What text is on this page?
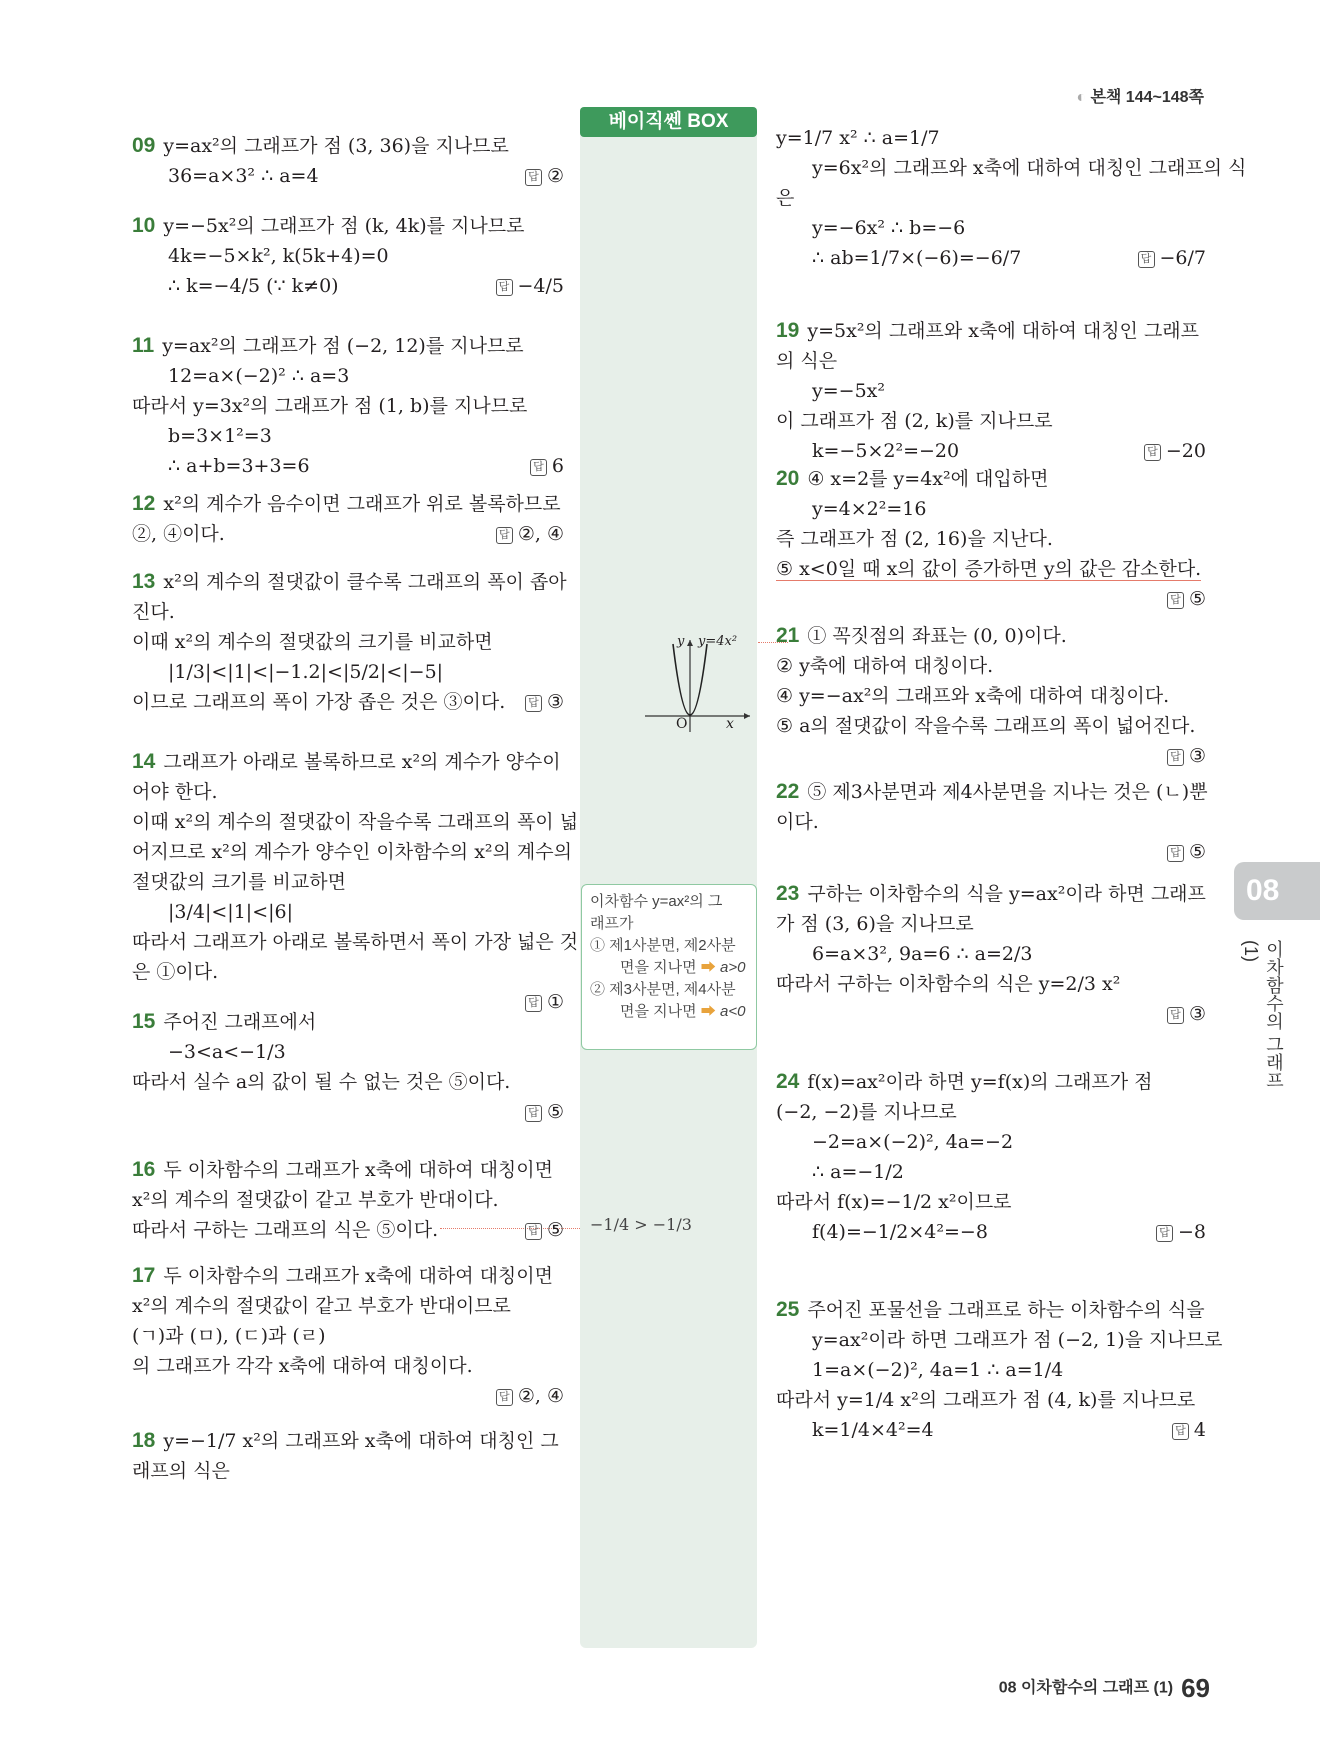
◐ 본책 144~148쪽
베이직쎈 BOX
y y=4x²
O	x
이차함수 y=ax²의 그
래프가
① 제1사분면, 제2사분
면을 지나면 ➡ a>0
② 제3사분면, 제4사분
면을 지나면 ➡ a<0
−1/4 > −1/3
08
이차함수의 그래프 (1)
08 이차함수의 그래프 (1) 69
09 y=ax²의 그래프가 점 (3, 36)을 지나므로
36=a×3² ∴ a=4	답 ②
10 y=−5x²의 그래프가 점 (k, 4k)를 지나므로
4k=−5×k², k(5k+4)=0
∴ k=−4/5 (∵ k≠0)	답 −4/5
11 y=ax²의 그래프가 점 (−2, 12)를 지나므로
12=a×(−2)² ∴ a=3
따라서 y=3x²의 그래프가 점 (1, b)를 지나므로
b=3×1²=3
∴ a+b=3+3=6	답 6
12 x²의 계수가 음수이면 그래프가 위로 볼록하므로
②, ④이다.	답 ②, ④
13 x²의 계수의 절댓값이 클수록 그래프의 폭이 좁아
진다.
이때 x²의 계수의 절댓값의 크기를 비교하면
|1/3|<|1|<|−1.2|<|5/2|<|−5|
이므로 그래프의 폭이 가장 좁은 것은 ③이다. 답 ③
14 그래프가 아래로 볼록하므로 x²의 계수가 양수이
어야 한다.
이때 x²의 계수의 절댓값이 작을수록 그래프의 폭이 넓
어지므로 x²의 계수가 양수인 이차함수의 x²의 계수의
절댓값의 크기를 비교하면
|3/4|<|1|<|6|
따라서 그래프가 아래로 볼록하면서 폭이 가장 넓은 것
은 ①이다.
답 ①
15 주어진 그래프에서
−3<a<−1/3
따라서 실수 a의 값이 될 수 없는 것은 ⑤이다.
답 ⑤
16 두 이차함수의 그래프가 x축에 대하여 대칭이면
x²의 계수의 절댓값이 같고 부호가 반대이다.
따라서 구하는 그래프의 식은 ⑤이다.	답 ⑤
17 두 이차함수의 그래프가 x축에 대하여 대칭이면
x²의 계수의 절댓값이 같고 부호가 반대이므로
(ㄱ)과 (ㅁ), (ㄷ)과 (ㄹ)
의 그래프가 각각 x축에 대하여 대칭이다.
답 ②, ④
18 y=−1/7 x²의 그래프와 x축에 대하여 대칭인 그
래프의 식은
y=1/7 x² ∴ a=1/7
y=6x²의 그래프와 x축에 대하여 대칭인 그래프의 식
은
y=−6x² ∴ b=−6
∴ ab=1/7×(−6)=−6/7	답 −6/7
19 y=5x²의 그래프와 x축에 대하여 대칭인 그래프
의 식은
y=−5x²
이 그래프가 점 (2, k)를 지나므로
k=−5×2²=−20	답 −20
20 ④ x=2를 y=4x²에 대입하면
y=4×2²=16
즉 그래프가 점 (2, 16)을 지난다.
⑤ x<0일 때 x의 값이 증가하면 y의 값은 감소한다.
답 ⑤
21 ① 꼭짓점의 좌표는 (0, 0)이다.
② y축에 대하여 대칭이다.
④ y=−ax²의 그래프와 x축에 대하여 대칭이다.
⑤ a의 절댓값이 작을수록 그래프의 폭이 넓어진다.
답 ③
22 ⑤ 제3사분면과 제4사분면을 지나는 것은 (ㄴ)뿐
이다.
답 ⑤
23 구하는 이차함수의 식을 y=ax²이라 하면 그래프
가 점 (3, 6)을 지나므로
6=a×3², 9a=6 ∴ a=2/3
따라서 구하는 이차함수의 식은 y=2/3 x²
답 ③
24 f(x)=ax²이라 하면 y=f(x)의 그래프가 점
(−2, −2)를 지나므로
−2=a×(−2)², 4a=−2
∴ a=−1/2
따라서 f(x)=−1/2 x²이므로
f(4)=−1/2×4²=−8	답 −8
25 주어진 포물선을 그래프로 하는 이차함수의 식을
y=ax²이라 하면 그래프가 점 (−2, 1)을 지나므로
1=a×(−2)², 4a=1 ∴ a=1/4
따라서 y=1/4 x²의 그래프가 점 (4, k)를 지나므로
k=1/4×4²=4	답 4
